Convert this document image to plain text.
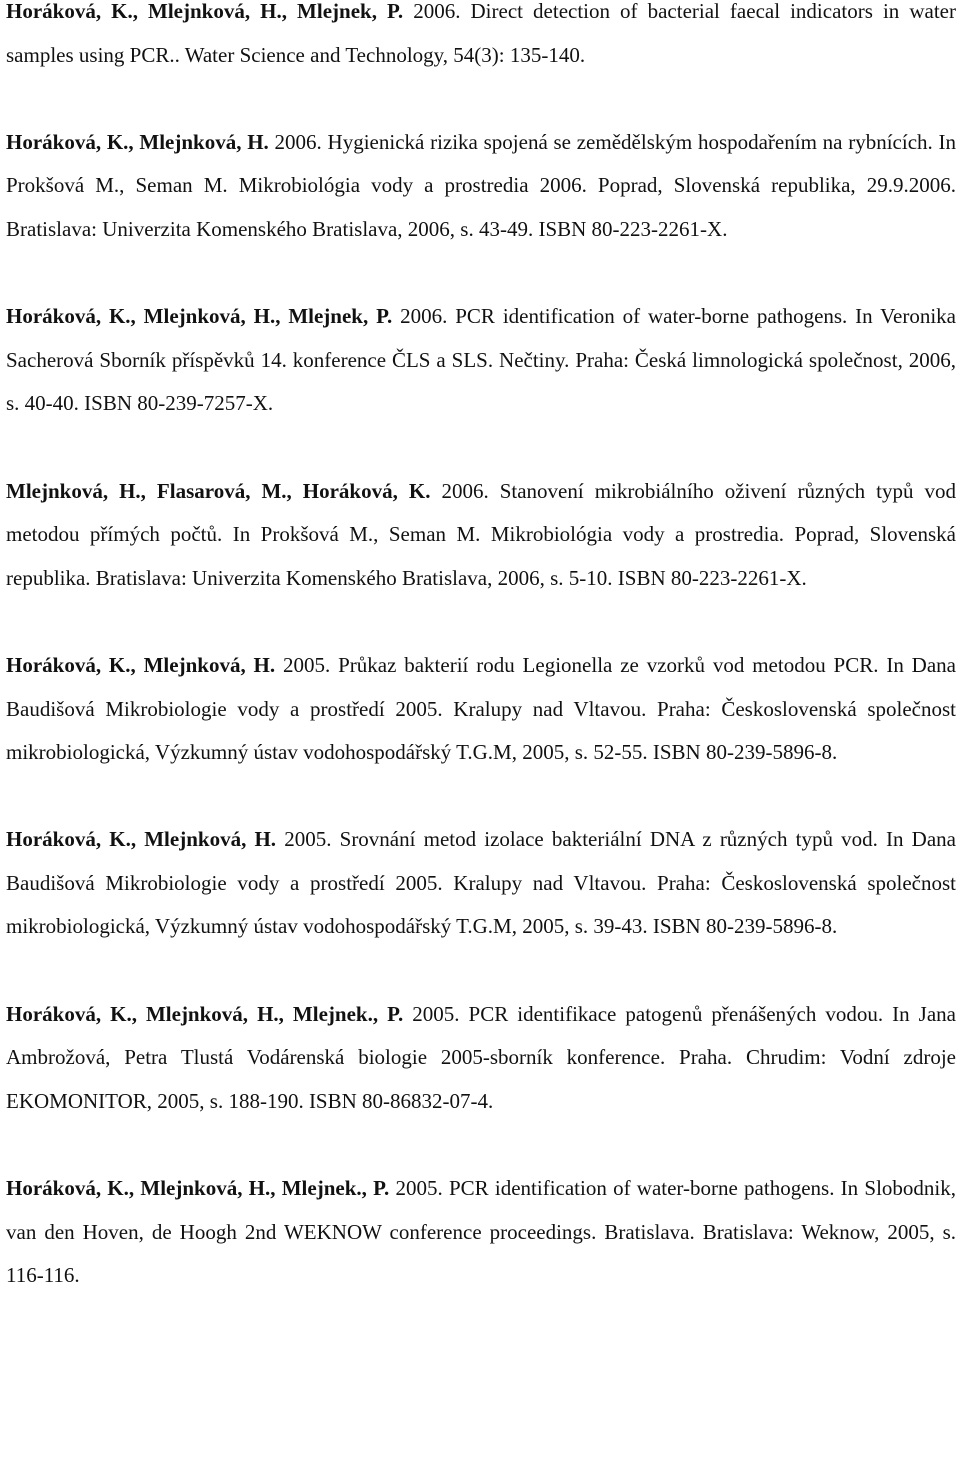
Horáková, K., Mlejnková, H., Mlejnek, P. 2006. Direct detection of bacterial faecal indicators in water samples using PCR.. Water Science and Technology, 54(3): 135-140.

Horáková, K., Mlejnková, H. 2006. Hygienická rizika spojená se zemědělským hospodařením na rybnících. In Prokšová M., Seman M. Mikrobiológia vody a prostredia 2006. Poprad, Slovenská republika, 29.9.2006. Bratislava: Univerzita Komenského Bratislava, 2006, s. 43-49. ISBN 80-223-2261-X.

Horáková, K., Mlejnková, H., Mlejnek, P. 2006. PCR identification of water-borne pathogens. In Veronika Sacherová Sborník příspěvků 14. konference ČLS a SLS. Nečtiny. Praha: Česká limnologická společnost, 2006, s. 40-40. ISBN 80-239-7257-X.

Mlejnková, H., Flasarová, M., Horáková, K. 2006. Stanovení mikrobiálního oživení různých typů vod metodou přímých počtů. In Prokšová M., Seman M. Mikrobiológia vody a prostredia. Poprad, Slovenská republika. Bratislava: Univerzita Komenského Bratislava, 2006, s. 5-10. ISBN 80-223-2261-X.

Horáková, K., Mlejnková, H. 2005. Průkaz bakterií rodu Legionella ze vzorků vod metodou PCR. In Dana Baudišová Mikrobiologie vody a prostředí 2005. Kralupy nad Vltavou. Praha: Československá společnost mikrobiologická, Výzkumný ústav vodohospodářský T.G.M, 2005, s. 52-55. ISBN 80-239-5896-8.

Horáková, K., Mlejnková, H. 2005. Srovnání metod izolace bakteriální DNA z různých typů vod. In Dana Baudišová Mikrobiologie vody a prostředí 2005. Kralupy nad Vltavou. Praha: Československá společnost mikrobiologická, Výzkumný ústav vodohospodářský T.G.M, 2005, s. 39-43. ISBN 80-239-5896-8.

Horáková, K., Mlejnková, H., Mlejnek., P. 2005. PCR identifikace patogenů přenášených vodou. In Jana Ambrožová, Petra Tlustá Vodárenská biologie 2005-sborník konference. Praha. Chrudim: Vodní zdroje EKOMONITOR, 2005, s. 188-190. ISBN 80-86832-07-4.

Horáková, K., Mlejnková, H., Mlejnek., P. 2005. PCR identification of water-borne pathogens. In Slobodnik, van den Hoven, de Hoogh 2nd WEKNOW conference proceedings. Bratislava. Bratislava: Weknow, 2005, s. 116-116.
